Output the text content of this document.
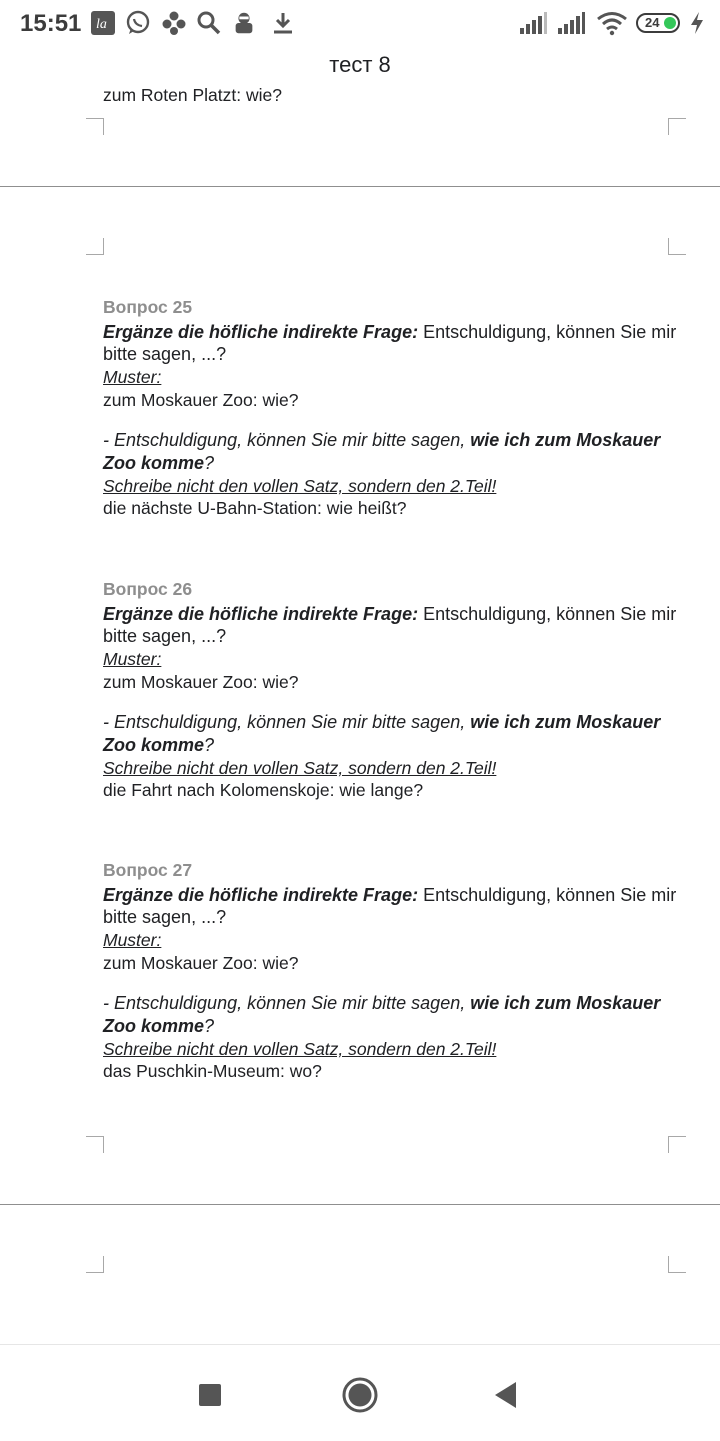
15:51 la	24
тест 8
zum Roten Platzt: wie?
Вопрос 25
Ergänze die höfliche indirekte Frage: Entschuldigung, können Sie mir bitte sagen, ...?
Muster:
zum Moskauer Zoo: wie?
- Entschuldigung, können Sie mir bitte sagen, wie ich zum Moskauer Zoo komme?
Schreibe nicht den vollen Satz, sondern den 2.Teil!
die nächste U-Bahn-Station: wie heißt?
Вопрос 26
Ergänze die höfliche indirekte Frage: Entschuldigung, können Sie mir bitte sagen, ...?
Muster:
zum Moskauer Zoo: wie?
- Entschuldigung, können Sie mir bitte sagen, wie ich zum Moskauer Zoo komme?
Schreibe nicht den vollen Satz, sondern den 2.Teil!
die Fahrt nach Kolomenskoje: wie lange?
Вопрос 27
Ergänze die höfliche indirekte Frage: Entschuldigung, können Sie mir bitte sagen, ...?
Muster:
zum Moskauer Zoo: wie?
- Entschuldigung, können Sie mir bitte sagen, wie ich zum Moskauer Zoo komme?
Schreibe nicht den vollen Satz, sondern den 2.Teil!
das Puschkin-Museum: wo?
